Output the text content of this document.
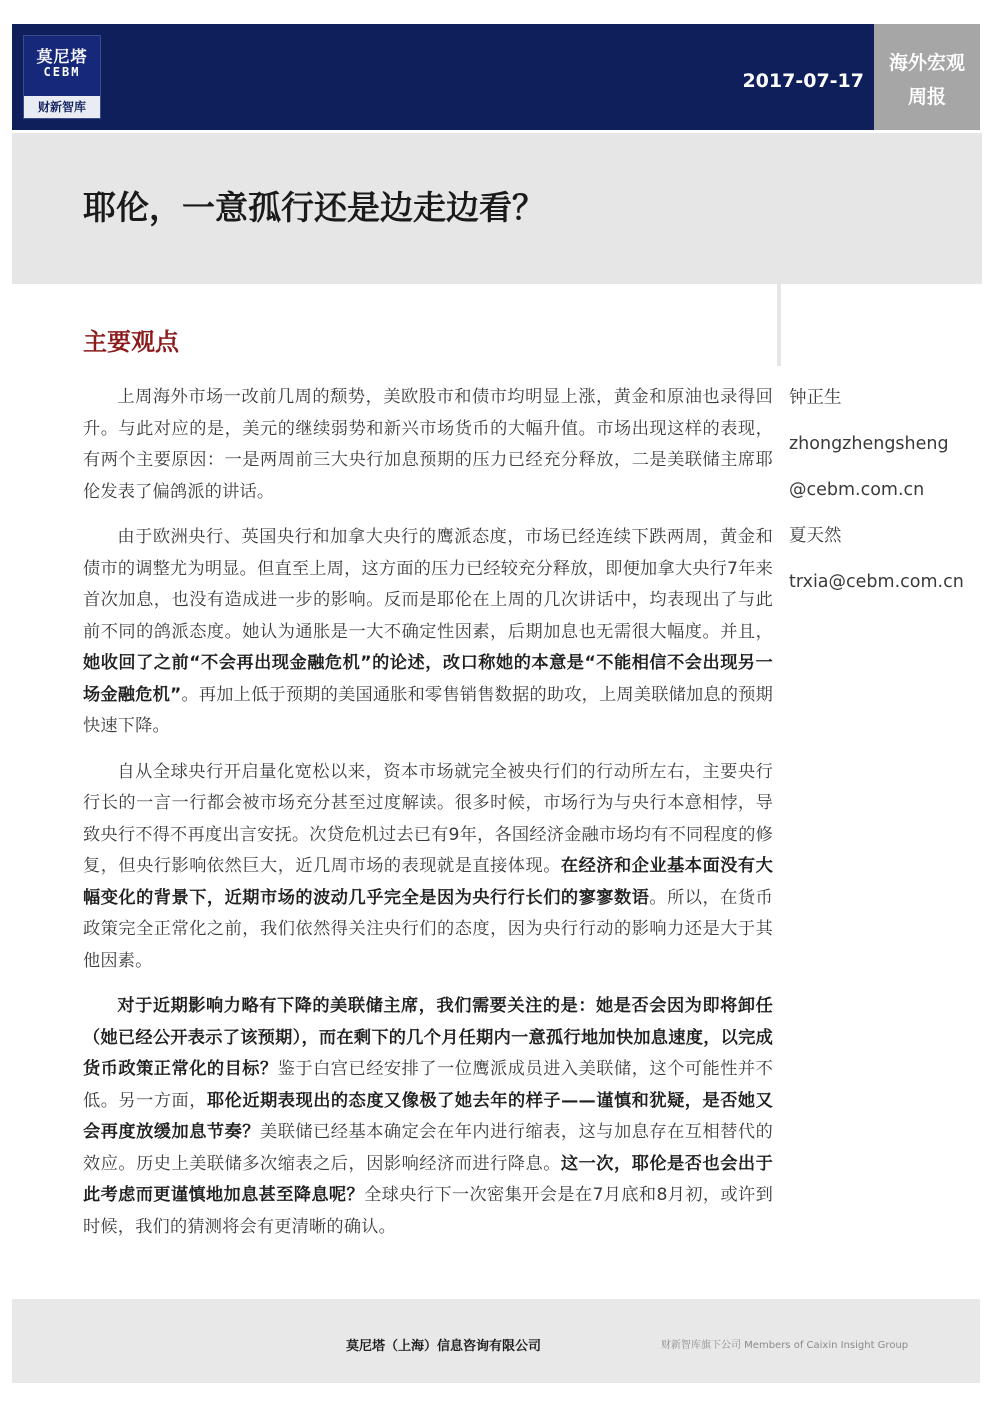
莫尼塔
CEBM
财新智库
2017-07-17
海外宏观
周报
耶伦，一意孤行还是边走边看？
主要观点

上周海外市场一改前几周的颓势，美欧股市和债市均明显上涨，黄金和原油也录得回升。与此对应的是，美元的继续弱势和新兴市场货币的大幅升值。市场出现这样的表现，有两个主要原因：一是两周前三大央行加息预期的压力已经充分释放，二是美联储主席耶伦发表了偏鸽派的讲话。

由于欧洲央行、英国央行和加拿大央行的鹰派态度，市场已经连续下跌两周，黄金和债市的调整尤为明显。但直至上周，这方面的压力已经较充分释放，即便加拿大央行7年来首次加息，也没有造成进一步的影响。反而是耶伦在上周的几次讲话中，均表现出了与此前不同的鸽派态度。她认为通胀是一大不确定性因素，后期加息也无需很大幅度。并且，她收回了之前“不会再出现金融危机”的论述，改口称她的本意是“不能相信不会出现另一场金融危机”。再加上低于预期的美国通胀和零售销售数据的助攻，上周美联储加息的预期快速下降。

自从全球央行开启量化宽松以来，资本市场就完全被央行们的行动所左右，主要央行行长的一言一行都会被市场充分甚至过度解读。很多时候，市场行为与央行本意相悖，导致央行不得不再度出言安抚。次贷危机过去已有9年，各国经济金融市场均有不同程度的修复，但央行影响依然巨大，近几周市场的表现就是直接体现。在经济和企业基本面没有大幅变化的背景下，近期市场的波动几乎完全是因为央行行长们的寥寥数语。所以，在货币政策完全正常化之前，我们依然得关注央行们的态度，因为央行行动的影响力还是大于其他因素。

对于近期影响力略有下降的美联储主席，我们需要关注的是：她是否会因为即将卸任（她已经公开表示了该预期），而在剩下的几个月任期内一意孤行地加快加息速度，以完成货币政策正常化的目标？鉴于白宫已经安排了一位鹰派成员进入美联储，这个可能性并不低。另一方面，耶伦近期表现出的态度又像极了她去年的样子——谨慎和犹疑，是否她又会再度放缓加息节奏？美联储已经基本确定会在年内进行缩表，这与加息存在互相替代的效应。历史上美联储多次缩表之后，因影响经济而进行降息。这一次，耶伦是否也会出于此考虑而更谨慎地加息甚至降息呢？全球央行下一次密集开会是在7月底和8月初，或许到时候，我们的猜测将会有更清晰的确认。

钟正生
zhongzhengsheng
@cebm.com.cn
夏天然
trxia@cebm.com.cn
莫尼塔（上海）信息咨询有限公司	财新智库旗下公司 Members of Caixin Insight Group
